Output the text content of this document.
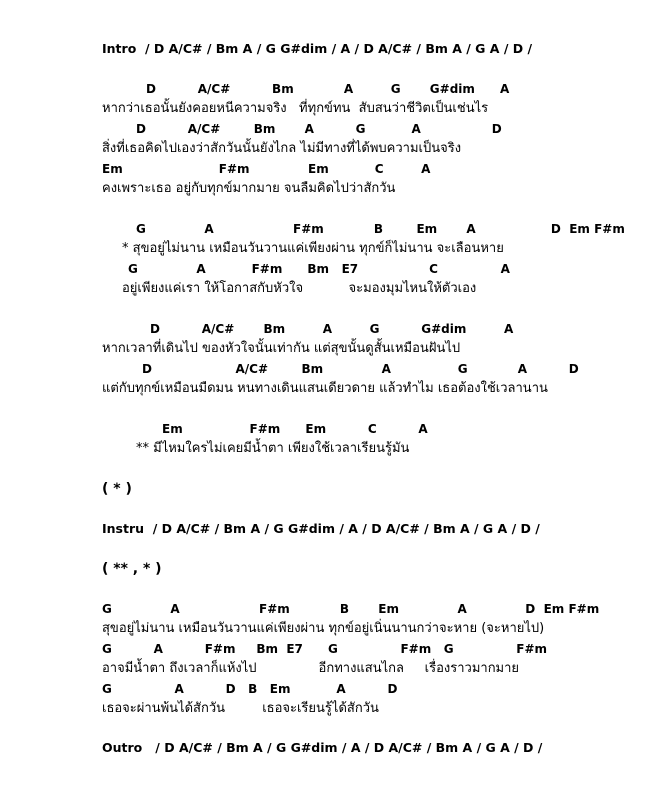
Intro  / D A/C# / Bm A / G G#dim / A / D A/C# / Bm A / G A / D /
D          A/C#          Bm            A         G       G#dim      A
หากว่าเธอนั้นยังคอยหนีความจริง   ที่ทุกข์ทน  สับสนว่าชีวิตเป็นเช่นไร
D          A/C#        Bm       A          G           A                 D
สิ่งที่เธอคิดไปเองว่าสักวันนั้นยังไกล ไม่มีทางที่ได้พบความเป็นจริง
Em                       F#m              Em           C         A
คงเพราะเธอ อยู่กับทุกข์มากมาย จนลืมคิดไปว่าสักวัน
G              A                   F#m            B        Em       A                  D  Em F#m
* สุขอยู่ไม่นาน เหมือนวันวานแค่เพียงผ่าน ทุกข์ก็ไม่นาน จะเลือนหาย
G              A           F#m      Bm   E7                 C               A
อยู่เพียงแค่เรา ให้โอกาสกับหัวใจ           จะมองมุมไหนให้ตัวเอง
D          A/C#       Bm         A         G          G#dim         A
หากเวลาที่เดินไป ของหัวใจนั้นเท่ากัน แต่สุขนั้นดูสั้นเหมือนฝันไป
D                    A/C#        Bm              A                G            A          D
แต่กับทุกข์เหมือนมืดมน หนทางเดินแสนเดียวดาย แล้วทำไม เธอต้องใช้เวลานาน
Em                F#m      Em          C          A
** มีไหมใครไม่เคยมีน้ำตา เพียงใช้เวลาเรียนรู้มัน
( * )
Instru  / D A/C# / Bm A / G G#dim / A / D A/C# / Bm A / G A / D /
( ** , * )
G              A                   F#m            B       Em              A              D  Em F#m
สุขอยู่ไม่นาน เหมือนวันวานแค่เพียงผ่าน ทุกข์อยู่เนิ่นนานกว่าจะหาย (จะหายไป)
G          A          F#m     Bm  E7      G               F#m   G               F#m
อาจมีน้ำตา ถึงเวลาก็แห้งไป               อีกทางแสนไกล     เรื่องราวมากมาย
G               A          D   B   Em           A          D
เธอจะผ่านพ้นได้สักวัน         เธอจะเรียนรู้ได้สักวัน
Outro   / D A/C# / Bm A / G G#dim / A / D A/C# / Bm A / G A / D /
